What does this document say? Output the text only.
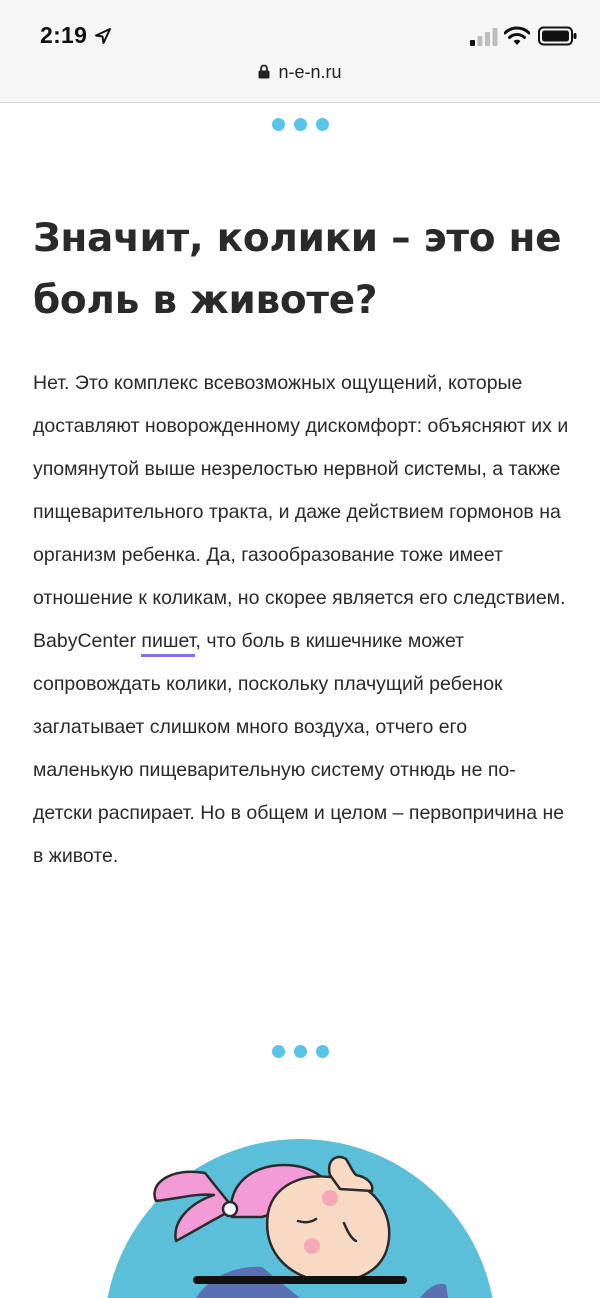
2:19
n-e-n.ru
Значит, колики – это не
боль в животе?

Нет. Это комплекс всевозможных ощущений, которые доставляют новорожденному дискомфорт: объясняют их и упомянутой выше незрелостью нервной системы, а также пищеварительного тракта, и даже действием гормонов на организм ребенка. Да, газообразование тоже имеет отношение к коликам, но скорее является его следствием. BabyCenter пишет, что боль в кишечнике может сопровождать колики, поскольку плачущий ребенок заглатывает слишком много воздуха, отчего его маленькую пищеварительную систему отнюдь не по-детски распирает. Но в общем и целом – первопричина не в животе.
